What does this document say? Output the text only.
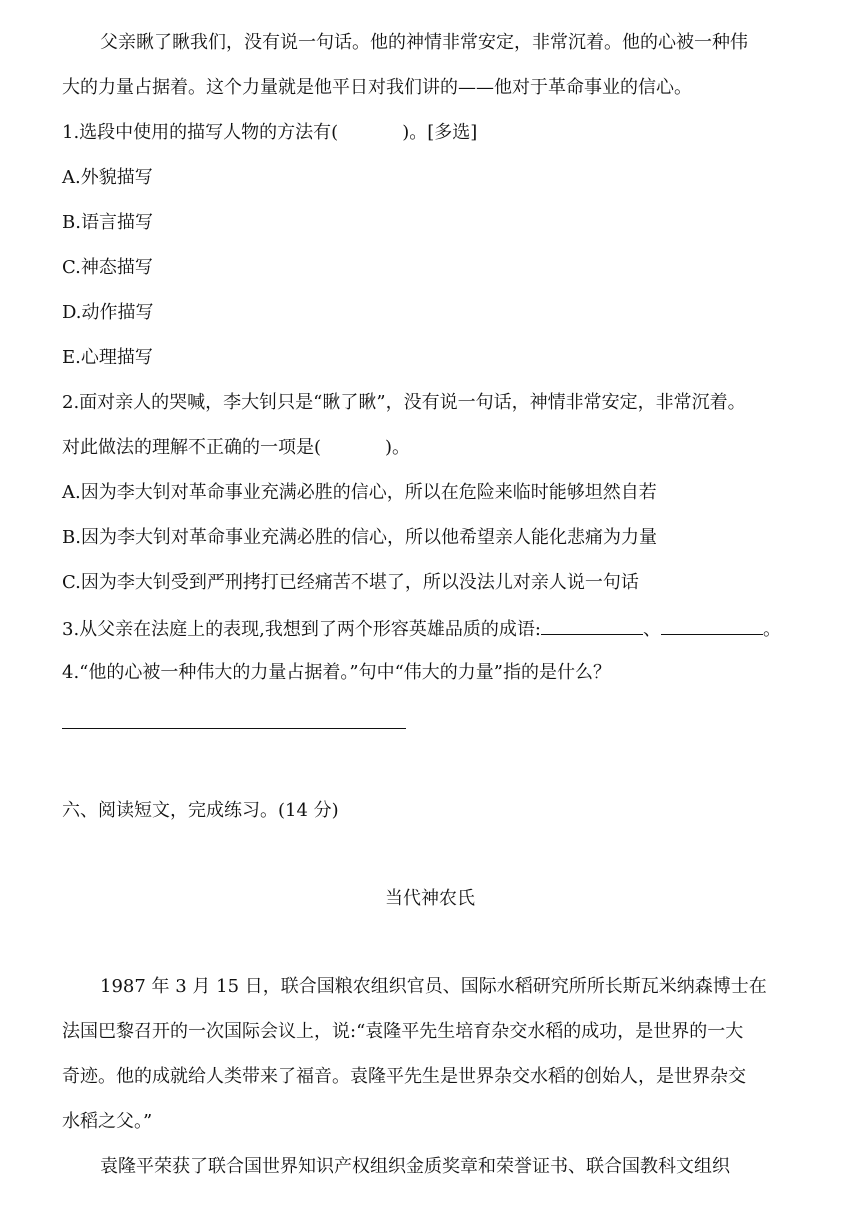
父亲瞅了瞅我们，没有说一句话。他的神情非常安定，非常沉着。他的心被一种伟
大的力量占据着。这个力量就是他平日对我们讲的——他对于革命事业的信心。
1.选段中使用的描写人物的方法有(	)。[多选]
A.外貌描写
B.语言描写
C.神态描写
D.动作描写
E.心理描写
2.面对亲人的哭喊，李大钊只是“瞅了瞅”，没有说一句话，神情非常安定，非常沉着。
对此做法的理解不正确的一项是(	)。
A.因为李大钊对革命事业充满必胜的信心，所以在危险来临时能够坦然自若
B.因为李大钊对革命事业充满必胜的信心，所以他希望亲人能化悲痛为力量
C.因为李大钊受到严刑拷打已经痛苦不堪了，所以没法儿对亲人说一句话
3.从父亲在法庭上的表现,我想到了两个形容英雄品质的成语:	、	。
4.“他的心被一种伟大的力量占据着。”句中“伟大的力量”指的是什么？
六、阅读短文，完成练习。(14 分)
当代神农氏
1987 年 3 月 15 日，联合国粮农组织官员、国际水稻研究所所长斯瓦米纳森博士在
法国巴黎召开的一次国际会议上，说:“袁隆平先生培育杂交水稻的成功，是世界的一大
奇迹。他的成就给人类带来了福音。袁隆平先生是世界杂交水稻的创始人，是世界杂交
水稻之父。”
袁隆平荣获了联合国世界知识产权组织金质奖章和荣誉证书、联合国教科文组织
